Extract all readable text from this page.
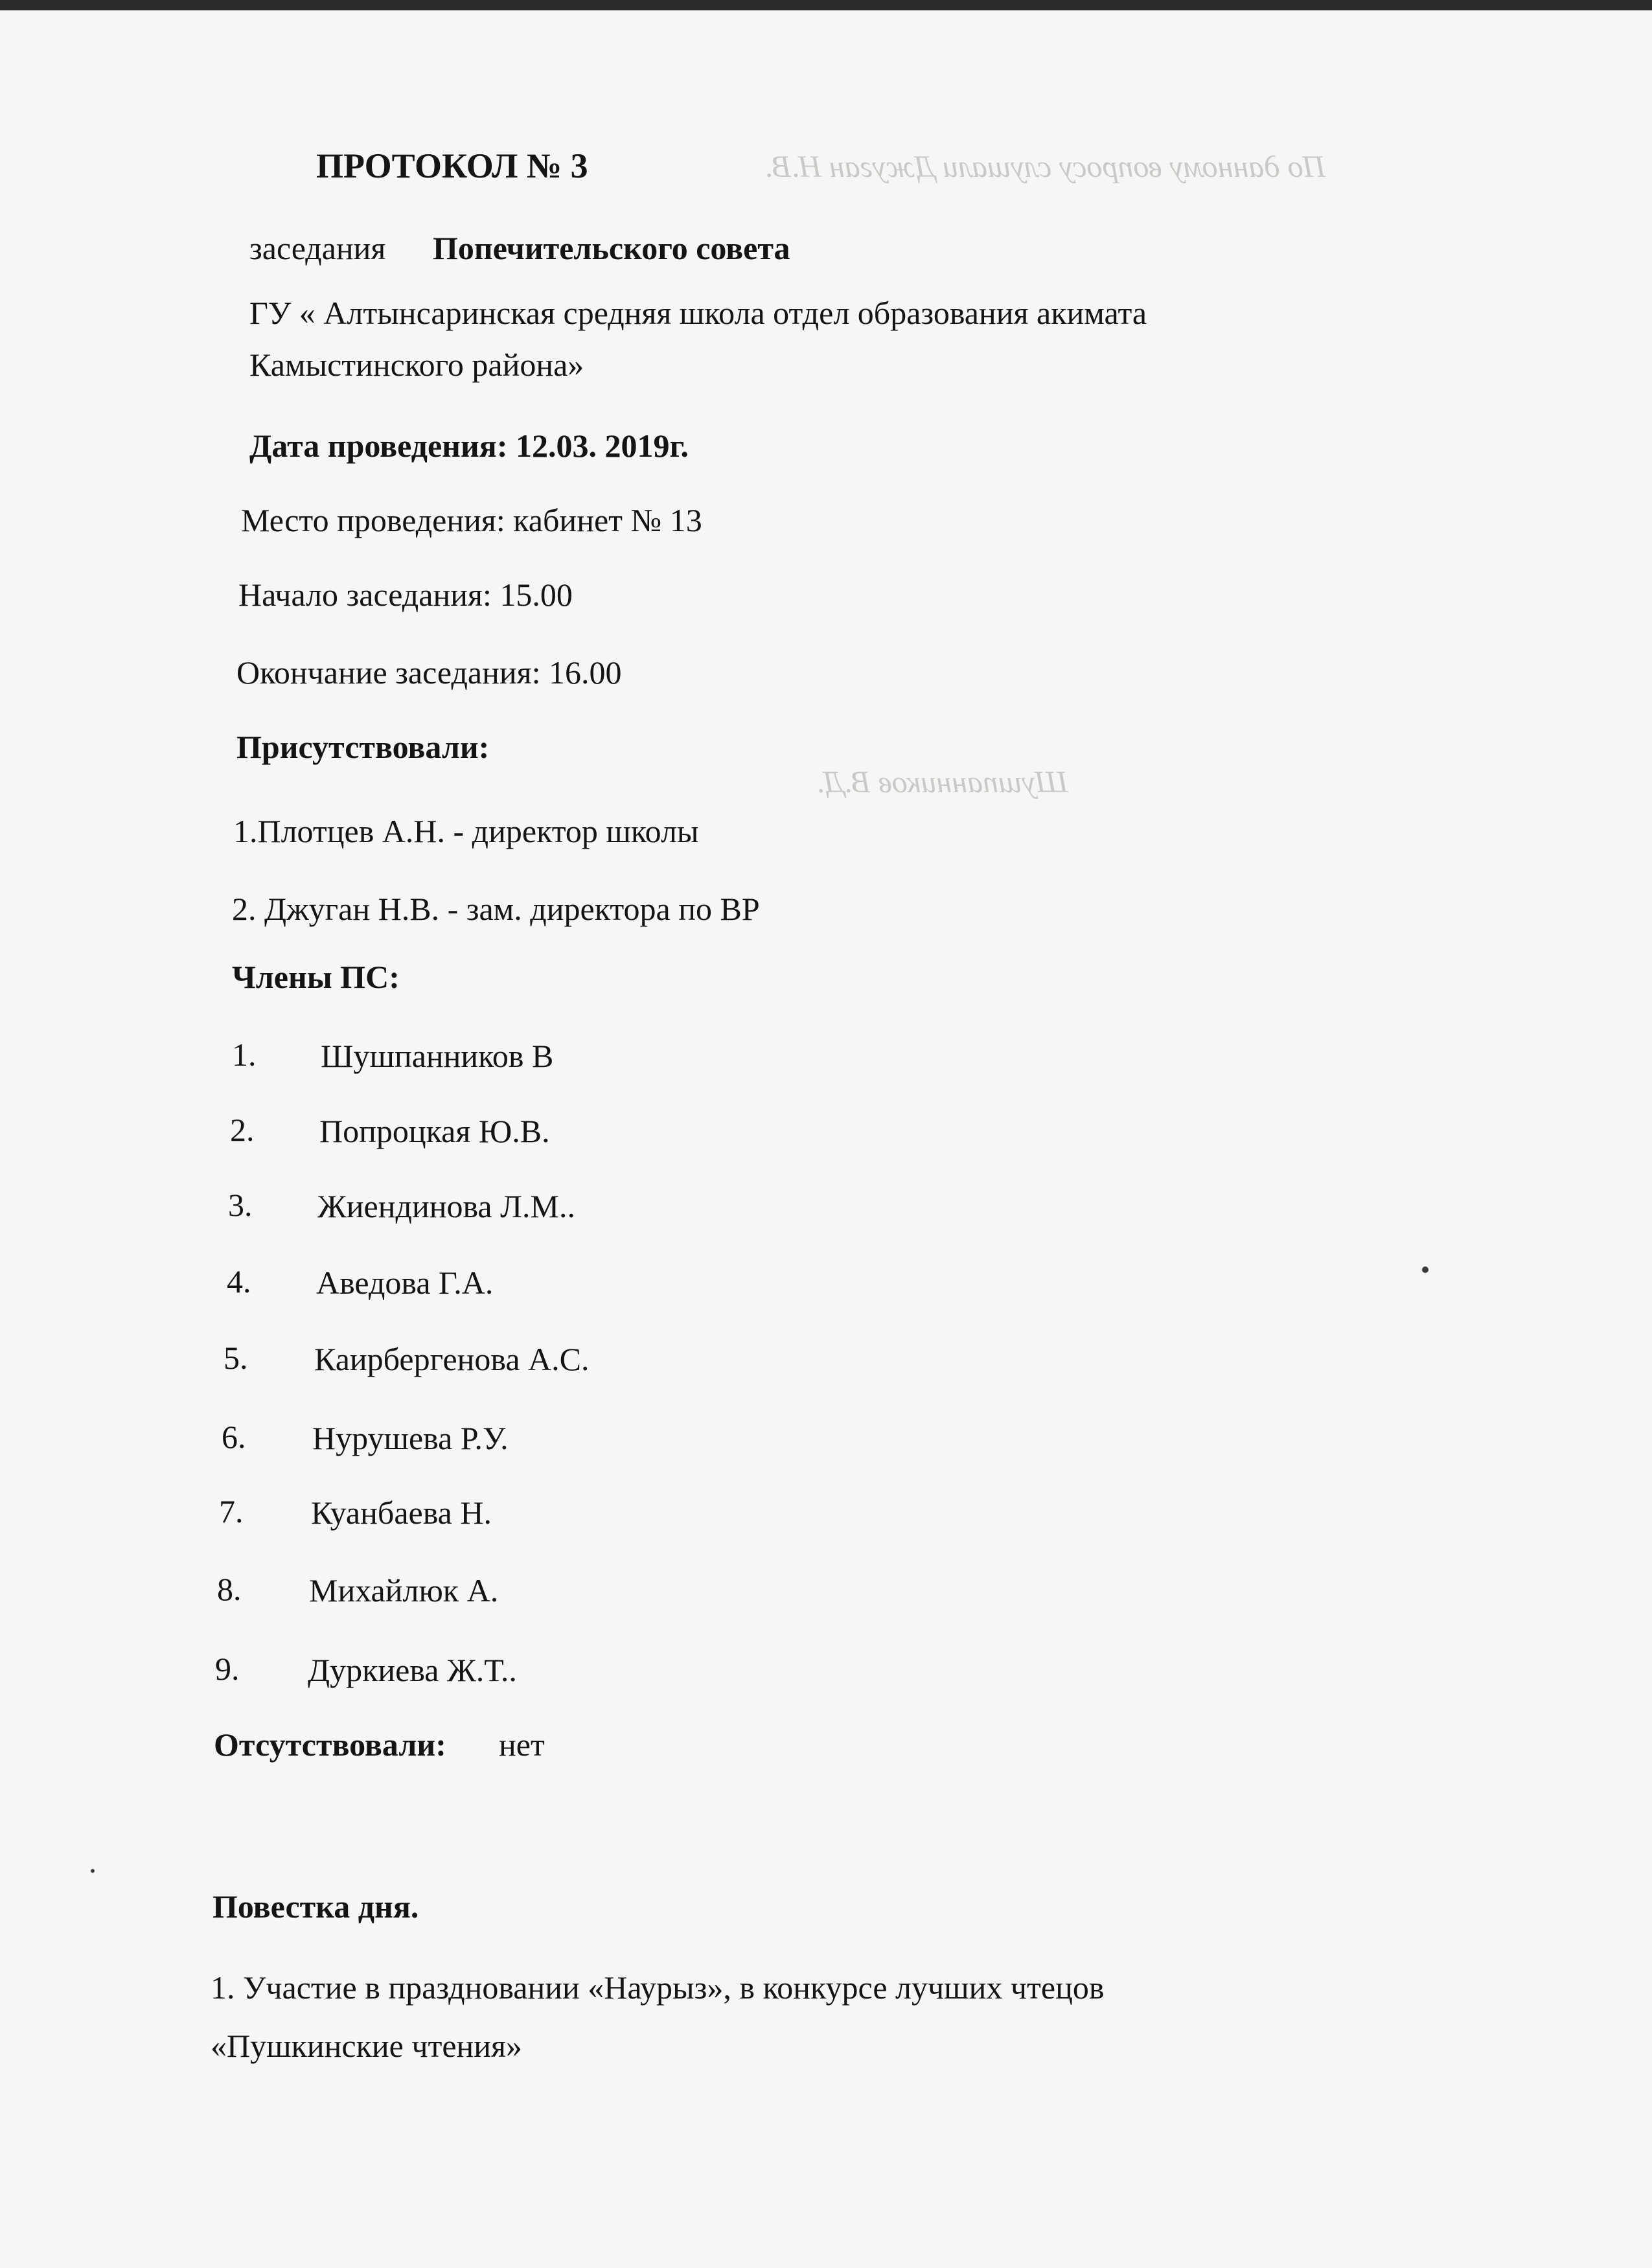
По данному вопросу слушали Джуган Н.В.
Шушпанников В.Д.
ПРОТОКОЛ № 3
заседания Попечительского совета
ГУ « Алтынсаринская средняя школа отдел образования акимата
Камыстинского района»
Дата проведения: 12.03. 2019г.
Место проведения: кабинет № 13
Начало заседания: 15.00
Окончание заседания: 16.00
Присутствовали:
1.Плотцев А.Н. - директор школы
2. Джуган Н.В. - зам. директора по ВР
Члены ПС:
1. Шушпанников В
2. Попроцкая Ю.В.
3. Жиендинова Л.М..
4. Аведова Г.А.
5. Каирбергенова А.С.
6. Нурушева Р.У.
7. Куанбаева Н.
8. Михайлюк А.
9. Дуркиева Ж.Т..
Отсутствовали: нет
Повестка дня.
1. Участие в праздновании «Наурыз», в конкурсе лучших чтецов
«Пушкинские чтения»
